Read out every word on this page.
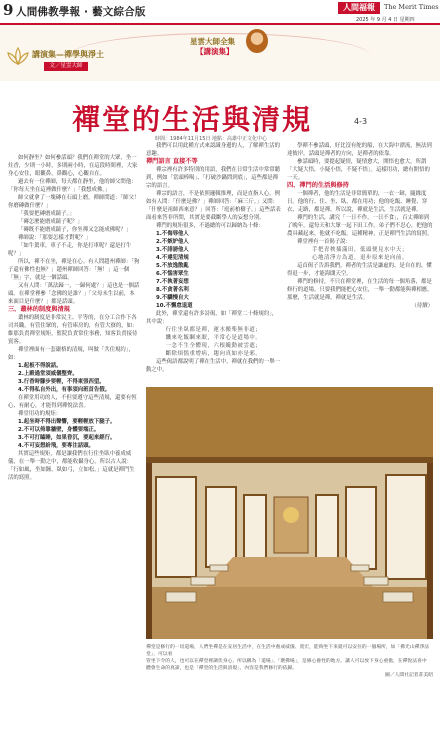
9 人間佛教學報 · 藝文綜合版	人間福報	The Merit Times
2025 年 9 月 4 日 星期四
星雲大師全集
【講演集】
講演集—禪學與淨土
文／星雲大師
禪堂的生活與清規	4-3
時間：1984年11月15日 地點：高雄中正文化中心

如何靜坐？如何參話頭？我們在禪堂的大眾，坐一炷香，少則一小時，多則兩小時，在這段時間裡，大家身心安住，眼觀鼻，鼻觀心，心觀自在。

過去有一位禪師，每天都在靜坐，他的師父問他：「你每天坐在這裡做什麼？」「我想成佛。」

師父就拿了一塊磚在石頭上磨，禪師問道：「師父！你磨磚做什麼？」

「我要把磚磨成鏡子。」

「磚怎麼能磨成鏡子呢？」

「磚既不能磨成鏡子，你坐禪又怎能成佛呢？」

禪師說：「那要怎樣才對呢？」

「如牛駕車，車子不走，你是打車呢？還是打牛呢？」

所以，禪不在坐，禪是在心。有人問趙州禪師：「狗子還有佛性也無？」趙州禪師回答：「無！」這一個「無」字，就是一個話頭。

又有人問：「萬法歸一，一歸何處？」這也是一個話頭。在禪堂裡參「念佛的是誰？」「父母未生以前，本來面目是什麼？」都是話頭。

三、叢林的制度與清規

叢林的制度是非常民主、平等的，在分工合作下各司其職，有管住眾的，有管庫房的，有管大寮的，如：維那負責禪堂規矩，監院負責常住事務，知客負責接待賓客。

禪堂裡面有一套嚴格的清規，叫做「共住規約」，如：

1.起板不得說話。

2.上殿過堂須威儀整齊。

3.行香時腳步要輕，不得東張西望。

4.不得私自外出，有事須向班首告假。

在禪堂用功的人，不但要遵守這些清規，還要有恆心、有耐心，才能得到禪悅法喜。

禪堂用功的規矩：

1.起坐時不得出聲響，要輕輕放下腿子。

2.不可以倚靠牆壁，身體要端正。

3.不可打瞌睡，如果昏沉，要起來經行。

4.不可妄想紛飛，要專注話頭。

其實這些規矩，都是讓我們在行住坐臥中養成威儀，在一舉一動之中，都能收攝身心。所以古人說：「行如風，坐如鐘，臥如弓，立如松。」這就是禪門生活的寫照。

我們可以用此種方式來認識身邊的人，了解禪生活的意趣。

禪門語言 直接不等

禪宗裡有許多特別的用語，我們在日常生活中常常聽到，例如「當頭棒喝」、「打破沙鍋問到底」，這些都是禪宗的語言。

禪宗的語言，不是依照邏輯推理，而是直指人心。例如有人問：「什麼是佛？」禪師回答：「麻三斤。」又問：「什麼是祖師西來意？」回答：「庭前柏樹子。」這些話表面看來答非所問，其實是要截斷學人的妄想分別。

禪門的規矩很多，不過總的可以歸納為十條：

1.不侮辱他人

2.不嫉妒他人

3.不誹謗他人

4.不違犯清規

5.不放逸散亂

6.不惱害眾生

7.不執著妄想

8.不貪著名利

9.不驕慢自大

10.不懈怠退道

此外，禪堂還有許多詩偈，如「禪堂二十條規約」，其中說：

行住坐臥都是禪，運水搬柴無非道；

饑來吃飯睏來眠，平常心是道場中。

一念不生全體現，六根纔動被雲遮；

斷除煩惱重增病，趨向真如亦是邪。

這些偈語都說明了禪在生活中，禪就在我們的一舉一動之中。

學禪不參話頭，好比沒有舵的船，在大海中漂流，無法到達彼岸。話頭是禪者的方向，是禪者的依靠。

參話頭時，要提起疑情，疑情愈大，開悟也愈大。所謂「大疑大悟，小疑小悟，不疑不悟」。這樣用功，總有開悟的一天。

四、禪門的生活與修持

一個禪者，他的生活是非常簡單的，一衣一缽，隨緣度日。他的行、住、坐、臥，都在用功；他的吃飯、睡覺、穿衣、走路，都是禪。所以說，禪就是生活，生活就是禪。

禪門的生活，講究「一日不作，一日不食」，百丈禪師到了晚年，還每天和大眾一起下田工作。弟子們不忍心，把他的農具藏起來，他就不吃飯。這種精神，正是禪門生活的寫照。

禪堂裡有一首偈子說：

手把青秧插滿田，低頭便見水中天；

心地清淨方為道，退步原來是向前。

這首偈子告訴我們，禪者的生活是謙虛的、是自在的，懂得退一步，才能海闊天空。

禪門的修持，不只在禪堂裡，在生活的每一個角落，都是修行的道場。只要我們能把心安住，一舉一動都能與禪相應，那麼，生活就是禪，禪就是生活。

（待續）

禪堂是修行的一切道場，人們坐禪是在安居生活中，在生活中養成威儀、寬宏，能夠坐下來就可以安住的一個場所，如「佛光山禪淨法堂」，可以看

管坐下令的人，也可以在禪堂裡調伏身心，所以稱為「道場」、「選佛場」，是修心養性的地方，讓人可以放下身心重擔，在禪悅法喜中

體會生命的真諦，也是「禪堂的生活與清規」，內容是我們修行的依歸。

圖／人間社記者莊美昭
